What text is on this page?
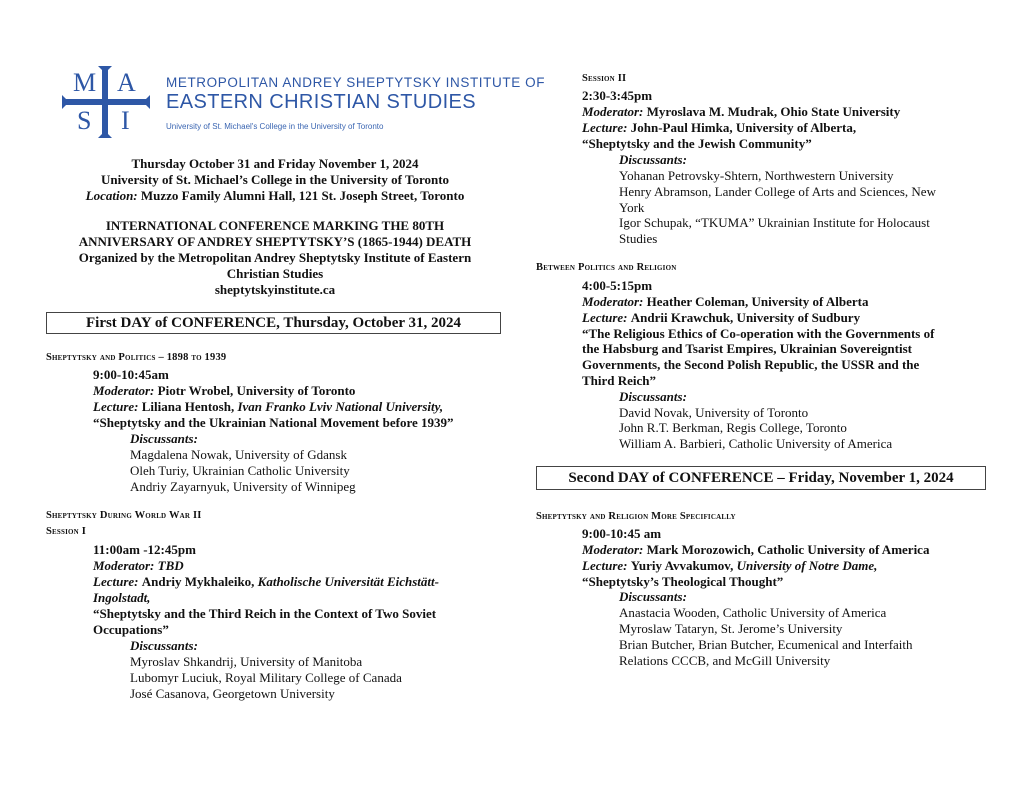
M A
S I
METROPOLITAN ANDREY SHEPTYTSKY INSTITUTE OF
EASTERN CHRISTIAN STUDIES
University of St. Michael's College in the University of Toronto
Thursday October 31 and Friday November 1, 2024
University of St. Michael’s College in the University of Toronto
Location: Muzzo Family Alumni Hall, 121 St. Joseph Street, Toronto
INTERNATIONAL CONFERENCE MARKING THE 80TH
ANNIVERSARY OF ANDREY SHEPTYTSKY’S (1865-1944) DEATH
Organized by the Metropolitan Andrey Sheptytsky Institute of Eastern
Christian Studies
sheptytskyinstitute.ca
First DAY of CONFERENCE, Thursday, October 31, 2024
Sheptytsky and Politics – 1898 to 1939
9:00-10:45am
Moderator: Piotr Wrobel, University of Toronto
Lecture: Liliana Hentosh, Ivan Franko Lviv National University,
“Sheptytsky and the Ukrainian National Movement before 1939”
Discussants:
Magdalena Nowak, University of Gdansk
Oleh Turiy, Ukrainian Catholic University
Andriy Zayarnyuk, University of Winnipeg
Sheptytsky During World War II
Session I
11:00am -12:45pm
Moderator: TBD
Lecture: Andriy Mykhaleiko, Katholische Universität Eichstätt-
Ingolstadt,
“Sheptytsky and the Third Reich in the Context of Two Soviet
Occupations”
Discussants:
Myroslav Shkandrij, University of Manitoba
Lubomyr Luciuk, Royal Military College of Canada
José Casanova, Georgetown University
Session II
2:30-3:45pm
Moderator: Myroslava M. Mudrak, Ohio State University
Lecture: John-Paul Himka, University of Alberta,
“Sheptytsky and the Jewish Community”
Discussants:
Yohanan Petrovsky-Shtern, Northwestern University
Henry Abramson, Lander College of Arts and Sciences, New
York
Igor Schupak, “TKUMA” Ukrainian Institute for Holocaust
Studies
Between Politics and Religion
4:00-5:15pm
Moderator: Heather Coleman, University of Alberta
Lecture: Andrii Krawchuk, University of Sudbury
“The Religious Ethics of Co-operation with the Governments of
the Habsburg and Tsarist Empires, Ukrainian Sovereigntist
Governments, the Second Polish Republic, the USSR and the
Third Reich”
Discussants:
David Novak, University of Toronto
John R.T. Berkman, Regis College, Toronto
William A. Barbieri, Catholic University of America
Second DAY of CONFERENCE – Friday, November 1, 2024
Sheptytsky and Religion More Specifically
9:00-10:45 am
Moderator: Mark Morozowich, Catholic University of America
Lecture: Yuriy Avvakumov, University of Notre Dame,
“Sheptytsky’s Theological Thought”
Discussants:
Anastacia Wooden, Catholic University of America
Myroslaw Tataryn, St. Jerome’s University
Brian Butcher, Brian Butcher, Ecumenical and Interfaith
Relations CCCB, and McGill University
